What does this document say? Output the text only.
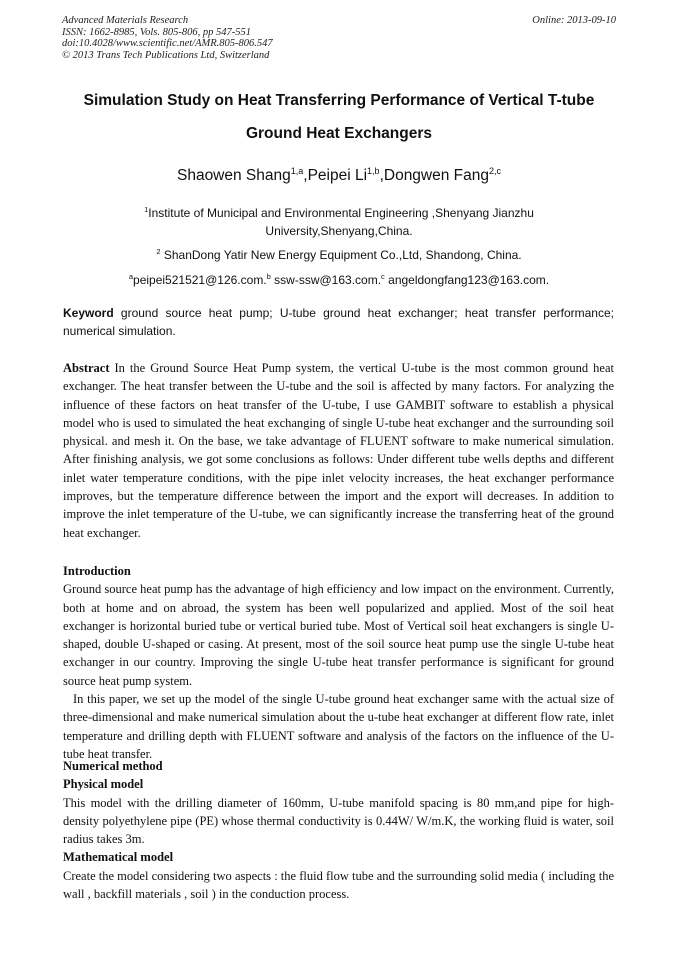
Advanced Materials Research
ISSN: 1662-8985, Vols. 805-806, pp 547-551
doi:10.4028/www.scientific.net/AMR.805-806.547
© 2013 Trans Tech Publications Ltd, Switzerland
Online: 2013-09-10
Simulation Study on Heat Transferring Performance of Vertical T-tube
Ground Heat Exchangers
Shaowen Shang$^{1,a}$,Peipei Li$^{1,b}$,Dongwen Fang$^{2,c}$
$^1$Institute of Municipal and Environmental Engineering ,Shenyang Jianzhu
University,Shenyang,China.
$^2$ ShanDong Yatir New Energy Equipment Co.,Ltd, Shandong, China.
$^a$peipei521521@126.com.$^b$ ssw-ssw@163.com.$^c$ angeldongfang123@163.com.
Keyword ground source heat pump; U-tube ground heat exchanger; heat transfer performance; numerical simulation.
Abstract In the Ground Source Heat Pump system, the vertical U-tube is the most common ground heat exchanger. The heat transfer between the U-tube and the soil is affected by many factors. For analyzing the influence of these factors on heat transfer of the U-tube, I use GAMBIT software to establish a physical model who is used to simulated the heat exchanging of single U-tube heat exchanger and the surrounding soil physical. and mesh it. On the base, we take advantage of FLUENT software to make numerical simulation. After finishing analysis, we got some conclusions as follows: Under different tube wells depths and different inlet water temperature conditions, with the pipe inlet velocity increases, the heat exchanger performance improves, but the temperature difference between the import and the export will decreases. In addition to improve the inlet temperature of the U-tube, we can significantly increase the transferring heat of the ground heat exchanger.

Introduction

Ground source heat pump has the advantage of high efficiency and low impact on the environment. Currently, both at home and on abroad, the system has been well popularized and applied. Most of the soil heat exchanger is horizontal buried tube or vertical buried tube. Most of Vertical soil heat exchangers is single U-shaped, double U-shaped or casing. At present, most of the soil source heat pump use the single U-tube heat exchanger in our country. Improving the single U-tube heat transfer performance is significant for ground source heat pump system.

In this paper, we set up the model of the single U-tube ground heat exchanger same with the actual size of three-dimensional and make numerical simulation about the u-tube heat exchanger at different flow rate, inlet temperature and drilling depth with FLUENT software and analysis of the factors on the influence of the U-tube heat transfer.

Numerical method

Physical model

This model with the drilling diameter of 160mm, U-tube manifold spacing is 80 mm,and pipe for high-density polyethylene pipe (PE) whose thermal conductivity is 0.44W/ W/m.K, the working fluid is water, soil radius takes 3m.

Mathematical model

Create the model considering two aspects : the fluid flow tube and the surrounding solid media ( including the wall , backfill materials , soil ) in the conduction process.
